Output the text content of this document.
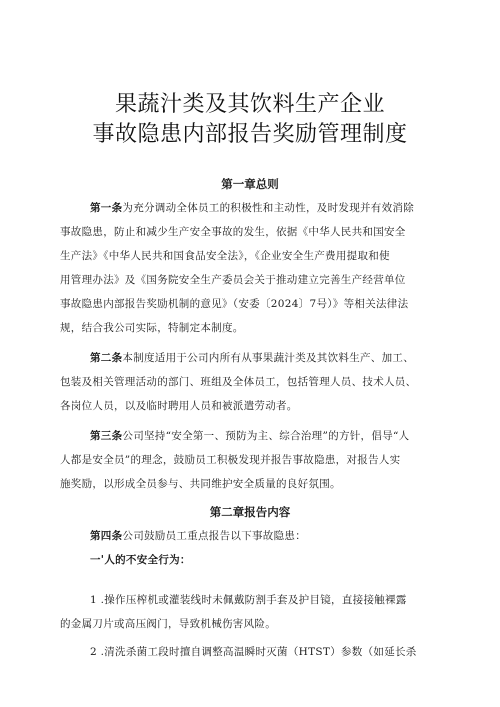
果蔬汁类及其饮料生产企业
事故隐患内部报告奖励管理制度
第一章总则
第一条为充分调动全体员工的积极性和主动性，及时发现并有效消除
事故隐患，防止和减少生产安全事故的发生，依据《中华人民共和国安全
生产法》《中华人民共和国食品安全法》，《企业安全生产费用提取和使
用管理办法》及《国务院安全生产委员会关于推动建立完善生产经营单位
事故隐患内部报告奖励机制的意见》（安委〔2024〕7号）》等相关法律法
规，结合我公司实际，特制定本制度。
第二条本制度适用于公司内所有从事果蔬汁类及其饮料生产、加工、
包装及相关管理活动的部门、班组及全体员工，包括管理人员、技术人员、
各岗位人员，以及临时聘用人员和被派遣劳动者。
第三条公司坚持“安全第一、预防为主、综合治理”的方针，倡导“人
人都是安全员”的理念，鼓励员工积极发现并报告事故隐患，对报告人实
施奖励，以形成全员参与、共同维护安全质量的良好氛围。
第二章报告内容
第四条公司鼓励员工重点报告以下事故隐患：
一'人的不安全行为：
1 .操作压榨机或灌装线时未佩戴防割手套及护目镜，直接接触裸露
的金属刀片或高压阀门，导致机械伤害风险。
2 .清洗杀菌工段时擅自调整高温瞬时灭菌（HTST）参数（如延长杀
